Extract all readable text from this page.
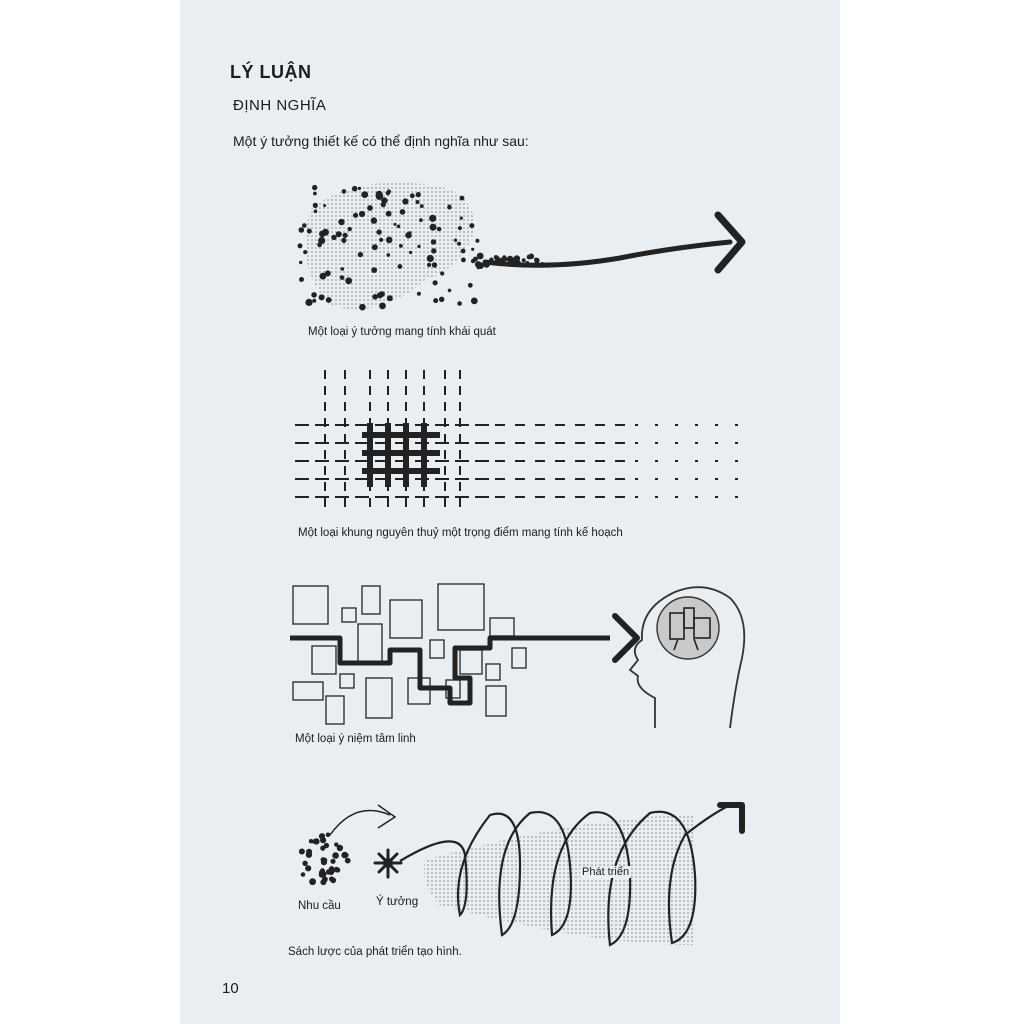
LÝ LUẬN
ĐỊNH NGHĨA
Một ý tưởng thiết kế có thể định nghĩa như sau:
Một loại ý tưởng mang tính khái quát
Một loại khung nguyên thuỷ một trọng điểm mang tính kế hoạch
Một loại ý niệm tâm linh
Phát triển
Nhu cầu	Ý tưởng
Sách lược của phát triển tạo hình.
10
